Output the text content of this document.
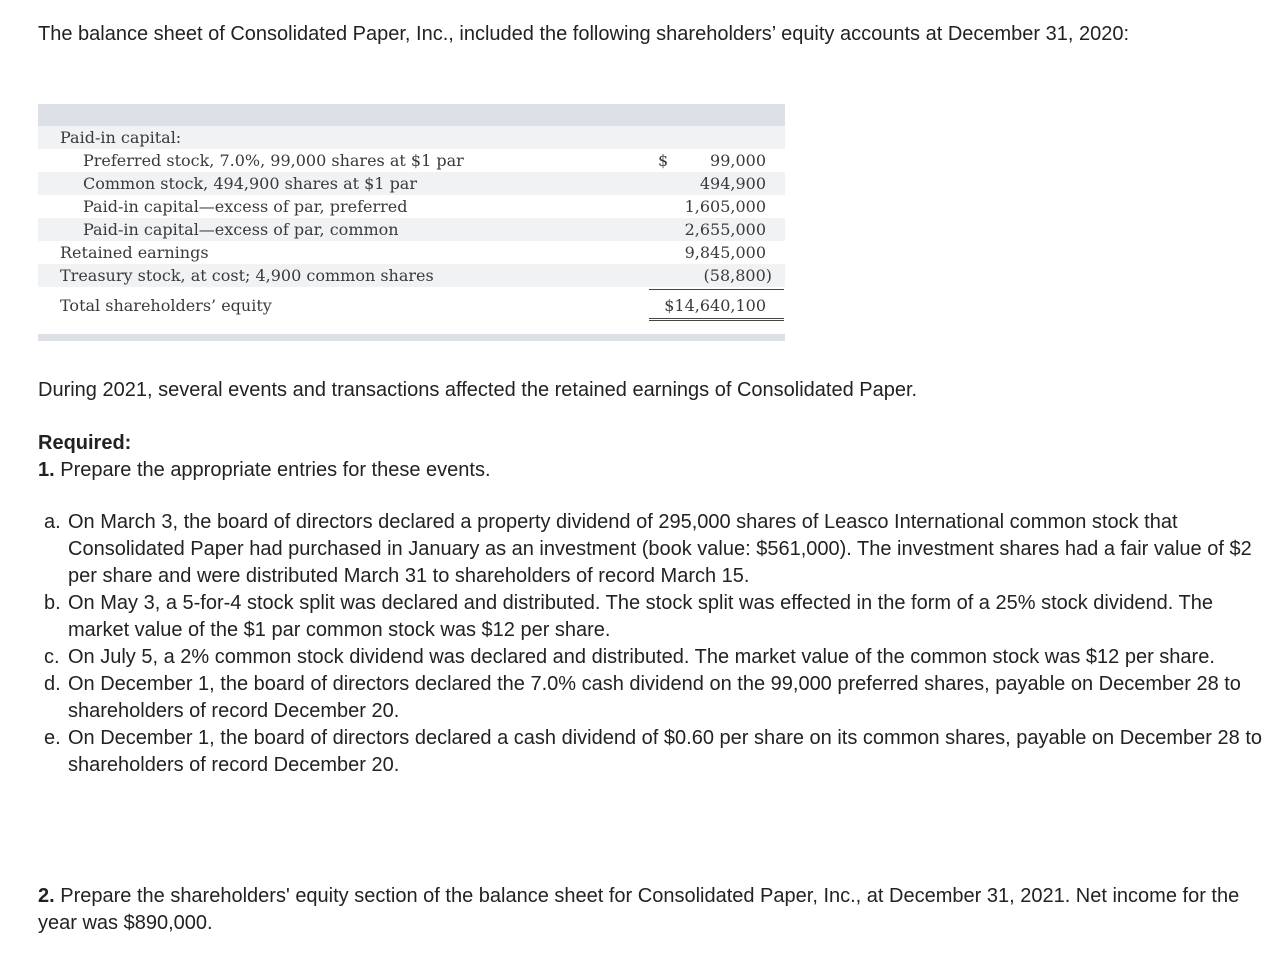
The balance sheet of Consolidated Paper, Inc., included the following shareholders’ equity accounts at December 31, 2020:

Paid-in capital:
Preferred stock, 7.0%, 99,000 shares at $1 par	$	99,000
Common stock, 494,900 shares at $1 par	494,900
Paid-in capital—excess of par, preferred	1,605,000
Paid-in capital—excess of par, common	2,655,000
Retained earnings	9,845,000
Treasury stock, at cost; 4,900 common shares	(58,800)
Total shareholders’ equity	$14,640,100

During 2021, several events and transactions affected the retained earnings of Consolidated Paper.

Required:

1. Prepare the appropriate entries for these events.

a. On March 3, the board of directors declared a property dividend of 295,000 shares of Leasco International common stock that Consolidated Paper had purchased in January as an investment (book value: $561,000). The investment shares had a fair value of $2 per share and were distributed March 31 to shareholders of record March 15.
b. On May 3, a 5-for-4 stock split was declared and distributed. The stock split was effected in the form of a 25% stock dividend. The market value of the $1 par common stock was $12 per share.
c. On July 5, a 2% common stock dividend was declared and distributed. The market value of the common stock was $12 per share.
d. On December 1, the board of directors declared the 7.0% cash dividend on the 99,000 preferred shares, payable on December 28 to shareholders of record December 20.
e. On December 1, the board of directors declared a cash dividend of $0.60 per share on its common shares, payable on December 28 to shareholders of record December 20.

2. Prepare the shareholders' equity section of the balance sheet for Consolidated Paper, Inc., at December 31, 2021. Net income for the year was $890,000.
